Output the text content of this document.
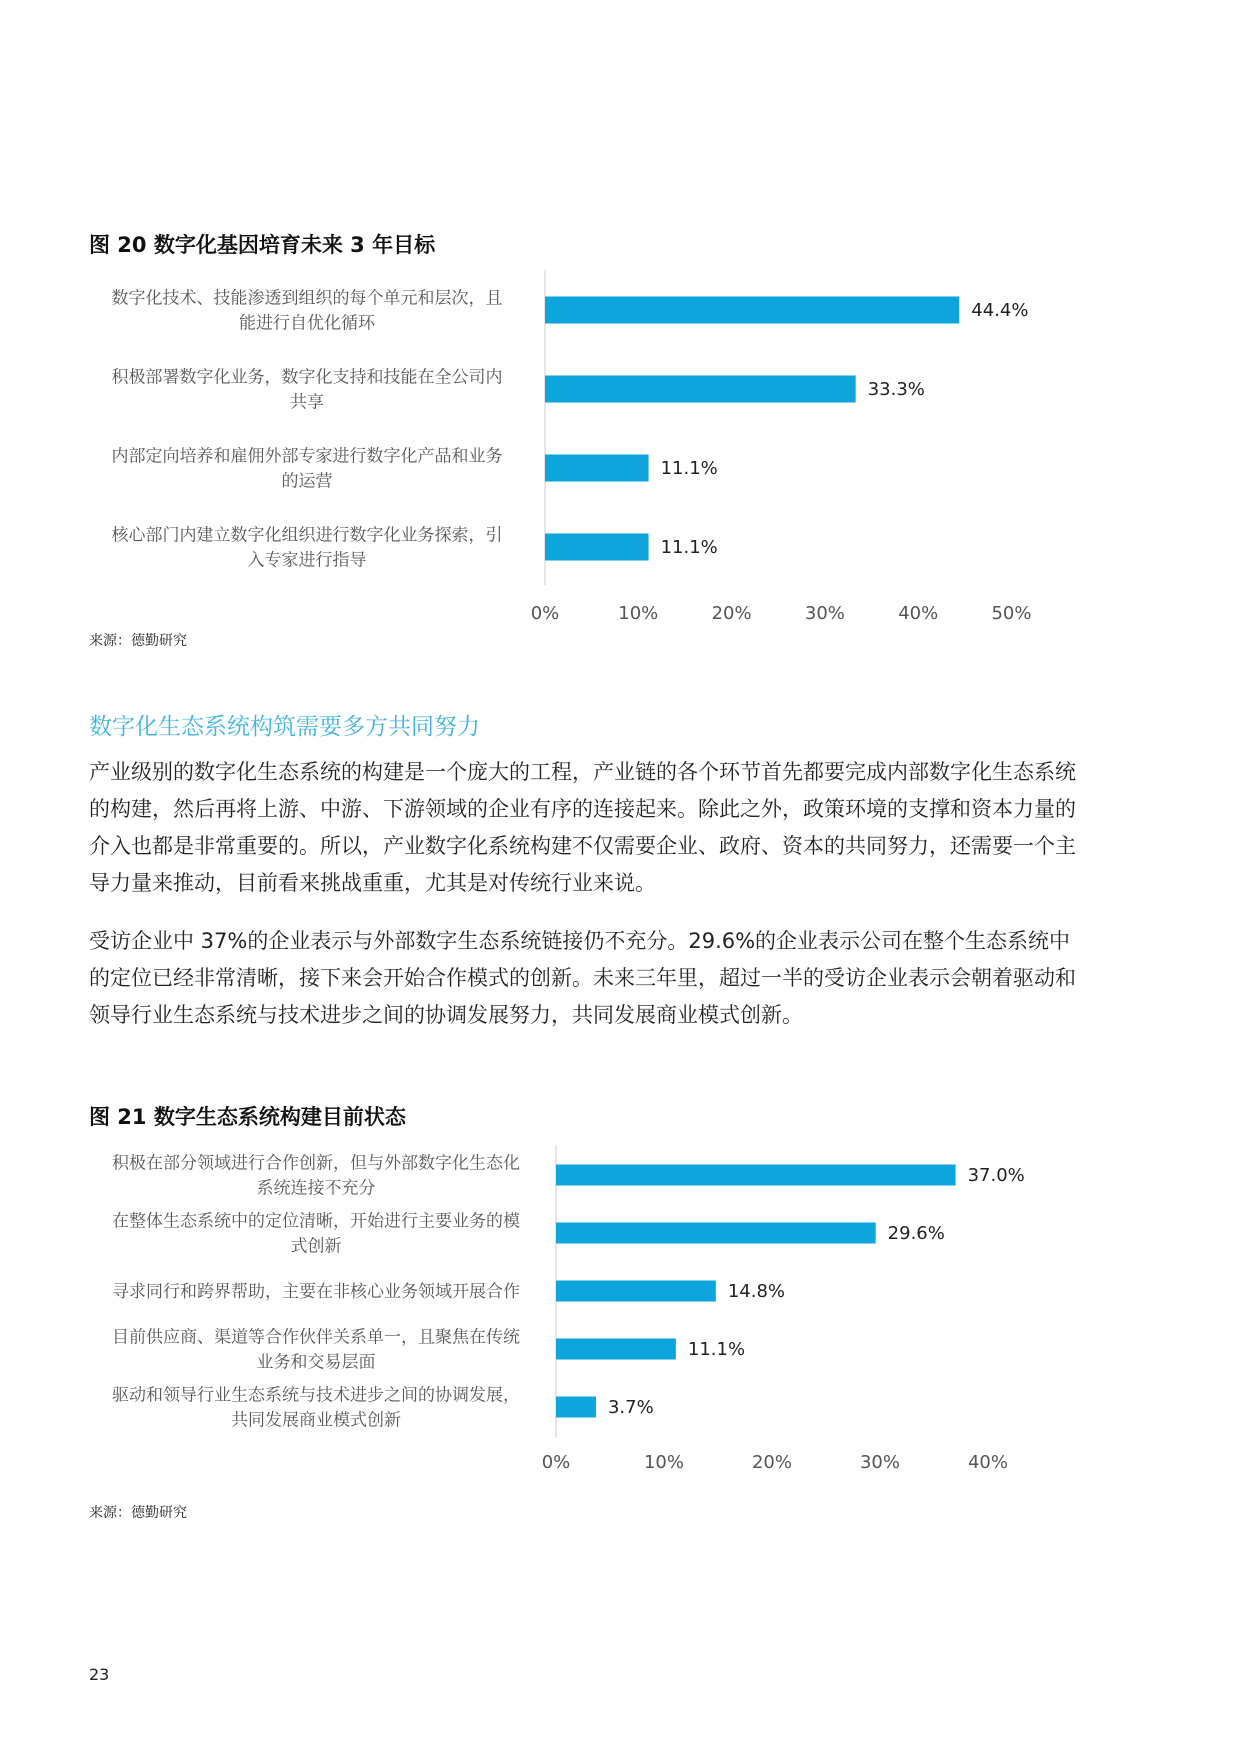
图 20 数字化基因培育未来 3 年目标
44.4%
数字化技术、技能渗透到组织的每个单元和层次，且能进行自优化循环
33.3%
积极部署数字化业务，数字化支持和技能在全公司内共享
11.1%
内部定向培养和雇佣外部专家进行数字化产品和业务的运营
11.1%
核心部门内建立数字化组织进行数字化业务探索，引入专家进行指导
0%	10%	20%	30%	40%	50%

来源：德勤研究

数字化生态系统构筑需要多方共同努力

产业级别的数字化生态系统的构建是一个庞大的工程，产业链的各个环节首先都要完成内部数字化生态系统的构建，然后再将上游、中游、下游领域的企业有序的连接起来。除此之外，政策环境的支撑和资本力量的介入也都是非常重要的。所以，产业数字化系统构建不仅需要企业、政府、资本的共同努力，还需要一个主导力量来推动，目前看来挑战重重，尤其是对传统行业来说。

受访企业中 37%的企业表示与外部数字生态系统链接仍不充分。29.6%的企业表示公司在整个生态系统中的定位已经非常清晰，接下来会开始合作模式的创新。未来三年里，超过一半的受访企业表示会朝着驱动和领导行业生态系统与技术进步之间的协调发展努力，共同发展商业模式创新。

图 21 数字生态系统构建目前状态
37.0%
积极在部分领域进行合作创新，但与外部数字化生态化系统连接不充分
29.6%
在整体生态系统中的定位清晰，开始进行主要业务的模式创新
14.8%
寻求同行和跨界帮助，主要在非核心业务领域开展合作
11.1%
目前供应商、渠道等合作伙伴关系单一，且聚焦在传统业务和交易层面
3.7%
驱动和领导行业生态系统与技术进步之间的协调发展，共同发展商业模式创新
0%	10%	20%	30%	40%

来源：德勤研究

23
